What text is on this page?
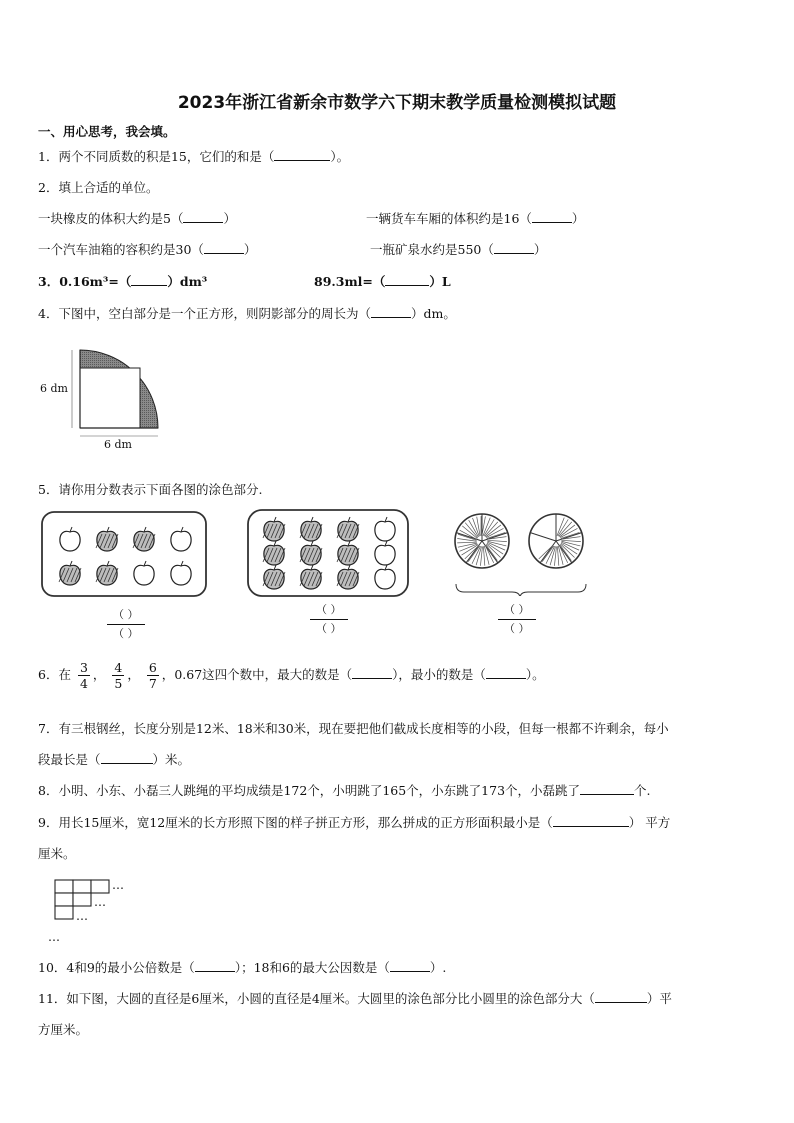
2023年浙江省新余市数学六下期末教学质量检测模拟试题
一、用心思考，我会填。
1．两个不同质数的积是15，它们的和是（	）。
2．填上合适的单位。
一块橡皮的体积大约是5（	）	一辆货车车厢的体积约是16（	）
一个汽车油箱的容积约是30（	）	一瓶矿泉水约是550（	）
3．0.16m³=（	）dm³	89.3ml=（	）L
4．下图中，空白部分是一个正方形，则阴影部分的周长为（	）dm。
6 dm
6 dm
5．请你用分数表示下面各图的涂色部分.
（ ）
（ ）
（ ）
（ ）
（ ）
（ ）
6．在 $\frac{3}{4}$ ， $\frac{4}{5}$ ， $\frac{6}{7}$ ，0.67这四个数中，最大的数是（	），最小的数是（	）。
7．有三根钢丝，长度分别是12米、18米和30米，现在要把他们截成长度相等的小段，但每一根都不许剩余，每小
段最长是（	）米。
8．小明、小东、小磊三人跳绳的平均成绩是172个，小明跳了165个，小东跳了173个，小磊跳了	个.
9．用长15厘米，宽12厘米的长方形照下图的样子拼正方形，那么拼成的正方形面积最小是（	） 平方
厘米。
…
…
…
…
10．4和9的最小公倍数是（	）；18和6的最大公因数是（	）.
11．如下图，大圆的直径是6厘米，小圆的直径是4厘米。大圆里的涂色部分比小圆里的涂色部分大（	）平
方厘米。
